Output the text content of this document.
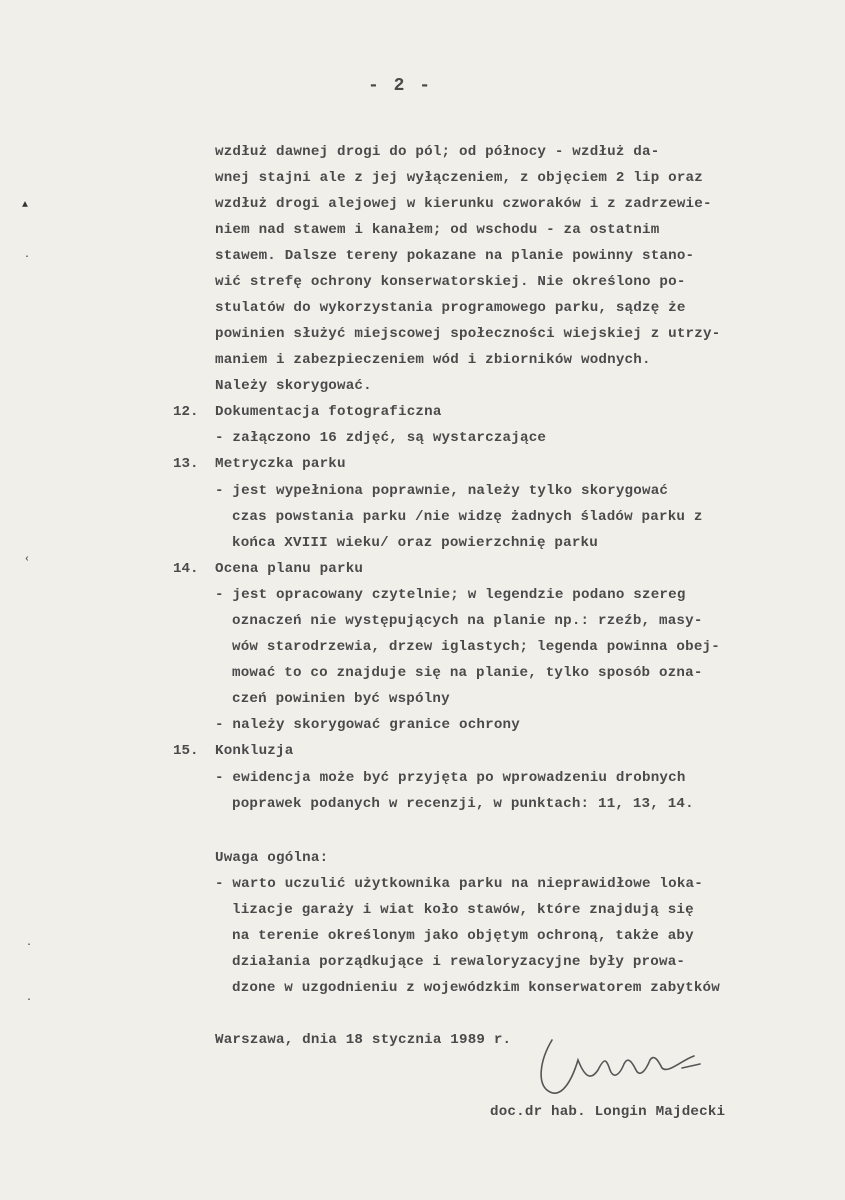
- 2 -
wzdłuż dawnej drogi do pól; od północy - wzdłuż da-
wnej stajni ale z jej wyłączeniem, z objęciem 2 lip oraz
wzdłuż drogi alejowej w kierunku czworaków i z zadrzewie-
niem nad stawem i kanałem; od wschodu - za ostatnim
stawem. Dalsze tereny pokazane na planie powinny stano-
wić strefę ochrony konserwatorskiej. Nie określono po-
stulatów do wykorzystania programowego parku, sądzę że
powinien służyć miejscowej społeczności wiejskiej z utrzy-
maniem i zabezpieczeniem wód i zbiorników wodnych.
Należy skorygować.
12. Dokumentacja fotograficzna
- załączono 16 zdjęć, są wystarczające
13. Metryczka parku
- jest wypełniona poprawnie, należy tylko skorygować
czas powstania parku /nie widzę żadnych śladów parku z
końca XVIII wieku/ oraz powierzchnię parku
14. Ocena planu parku
- jest opracowany czytelnie; w legendzie podano szereg
oznaczeń nie występujących na planie np.: rzeźb, masy-
wów starodrzewia, drzew iglastych; legenda powinna obej-
mować to co znajduje się na planie, tylko sposób ozna-
czeń powinien być wspólny
- należy skorygować granice ochrony
15. Konkluzja
- ewidencja może być przyjęta po wprowadzeniu drobnych
poprawek podanych w recenzji, w punktach: 11, 13, 14.
Uwaga ogólna:
- warto uczulić użytkownika parku na nieprawidłowe loka-
lizacje garaży i wiat koło stawów, które znajdują się
na terenie określonym jako objętym ochroną, także aby
działania porządkujące i rewaloryzacyjne były prowa-
dzone w uzgodnieniu z wojewódzkim konserwatorem zabytków
Warszawa, dnia 18 stycznia 1989 r.
doc.dr hab. Longin Majdecki
▲
·
‹
·
·
